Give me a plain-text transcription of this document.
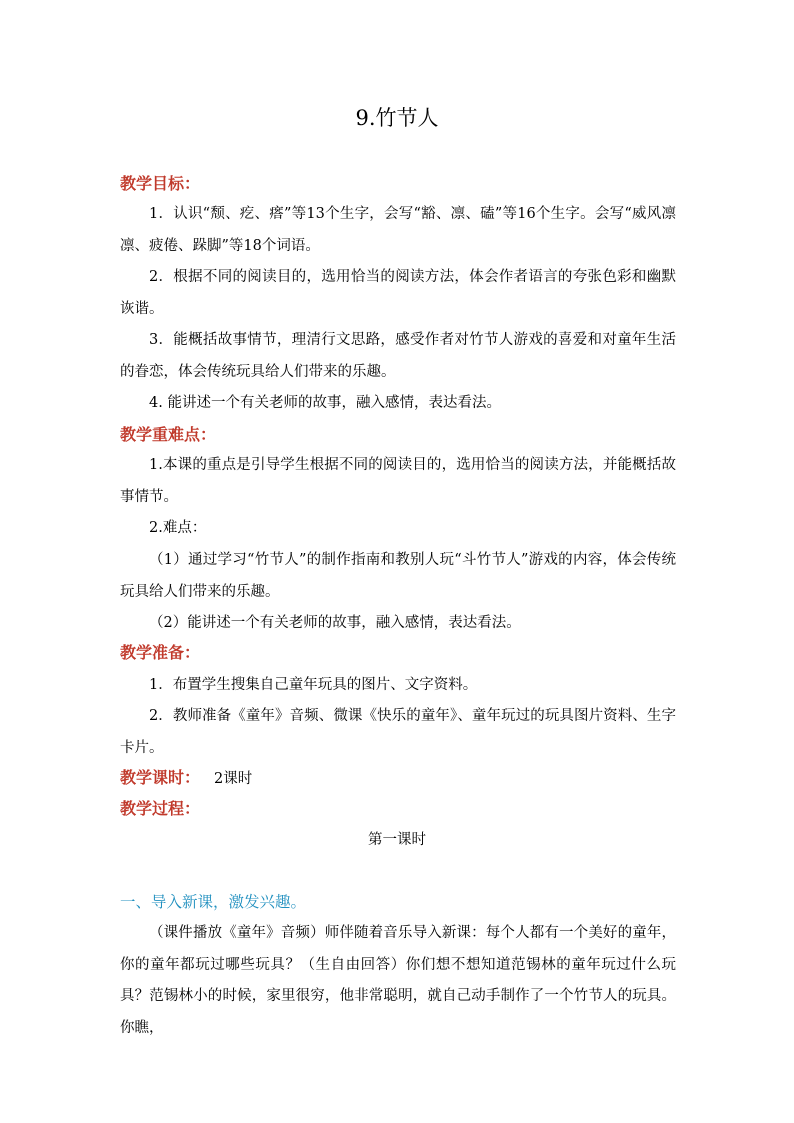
9.竹节人
教学目标：
1．认识“颓、疙、瘩”等13个生字，会写“豁、凛、磕”等16个生字。会写“威风凛凛、疲倦、跺脚”等18个词语。
2．根据不同的阅读目的，选用恰当的阅读方法，体会作者语言的夸张色彩和幽默诙谐。
3．能概括故事情节，理清行文思路，感受作者对竹节人游戏的喜爱和对童年生活的眷恋，体会传统玩具给人们带来的乐趣。
4. 能讲述一个有关老师的故事，融入感情，表达看法。
教学重难点：
1.本课的重点是引导学生根据不同的阅读目的，选用恰当的阅读方法，并能概括故事情节。
2.难点：
（1）通过学习“竹节人”的制作指南和教别人玩“斗竹节人”游戏的内容，体会传统玩具给人们带来的乐趣。
（2）能讲述一个有关老师的故事，融入感情，表达看法。
教学准备：
1．布置学生搜集自己童年玩具的图片、文字资料。
2．教师准备《童年》音频、微课《快乐的童年》、童年玩过的玩具图片资料、生字卡片。
教学课时： 2课时
教学过程：
第一课时
一、导入新课，激发兴趣。
（课件播放《童年》音频）师伴随着音乐导入新课：每个人都有一个美好的童年，你的童年都玩过哪些玩具？（生自由回答）你们想不想知道范锡林的童年玩过什么玩具？范锡林小的时候，家里很穷，他非常聪明，就自己动手制作了一个竹节人的玩具。你瞧，
